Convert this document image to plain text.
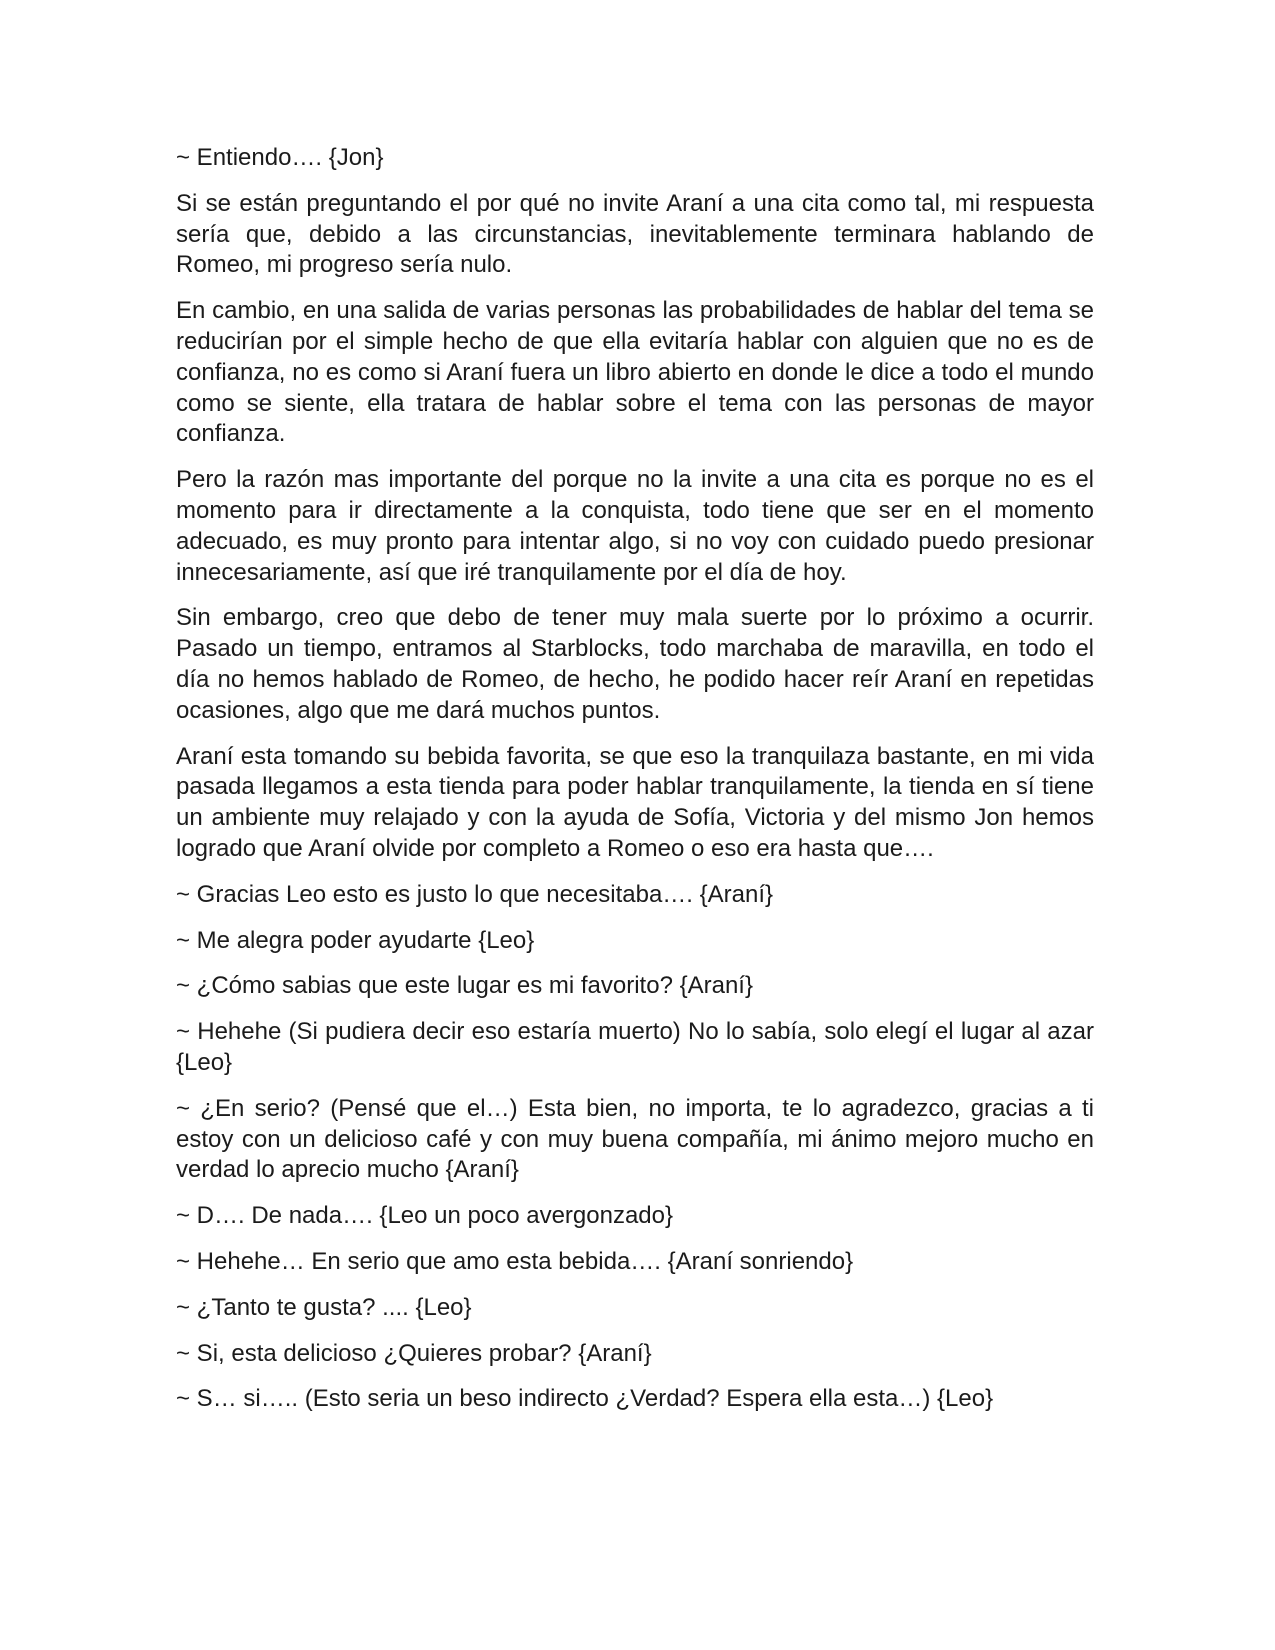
~ Entiendo…. {Jon}

Si se están preguntando el por qué no invite Araní a una cita como tal, mi respuesta sería que, debido a las circunstancias, inevitablemente terminara hablando de Romeo, mi progreso sería nulo.

En cambio, en una salida de varias personas las probabilidades de hablar del tema se reducirían por el simple hecho de que ella evitaría hablar con alguien que no es de confianza, no es como si Araní fuera un libro abierto en donde le dice a todo el mundo como se siente, ella tratara de hablar sobre el tema con las personas de mayor confianza.

Pero la razón mas importante del porque no la invite a una cita es porque no es el momento para ir directamente a la conquista, todo tiene que ser en el momento adecuado, es muy pronto para intentar algo, si no voy con cuidado puedo presionar innecesariamente, así que iré tranquilamente por el día de hoy.

Sin embargo, creo que debo de tener muy mala suerte por lo próximo a ocurrir. Pasado un tiempo, entramos al Starblocks, todo marchaba de maravilla, en todo el día no hemos hablado de Romeo, de hecho, he podido hacer reír Araní en repetidas ocasiones, algo que me dará muchos puntos.

Araní esta tomando su bebida favorita, se que eso la tranquilaza bastante, en mi vida pasada llegamos a esta tienda para poder hablar tranquilamente, la tienda en sí tiene un ambiente muy relajado y con la ayuda de Sofía, Victoria y del mismo Jon hemos logrado que Araní olvide por completo a Romeo o eso era hasta que….

~ Gracias Leo esto es justo lo que necesitaba…. {Araní}

~ Me alegra poder ayudarte {Leo}

~ ¿Cómo sabias que este lugar es mi favorito? {Araní}

~ Hehehe (Si pudiera decir eso estaría muerto) No lo sabía, solo elegí el lugar al azar {Leo}

~ ¿En serio? (Pensé que el…) Esta bien, no importa, te lo agradezco, gracias a ti estoy con un delicioso café y con muy buena compañía, mi ánimo mejoro mucho en verdad lo aprecio mucho {Araní}

~ D…. De nada…. {Leo un poco avergonzado}

~ Hehehe… En serio que amo esta bebida…. {Araní sonriendo}

~ ¿Tanto te gusta? .... {Leo}

~ Si, esta delicioso ¿Quieres probar? {Araní}

~ S… si….. (Esto seria un beso indirecto ¿Verdad? Espera ella esta…) {Leo}
